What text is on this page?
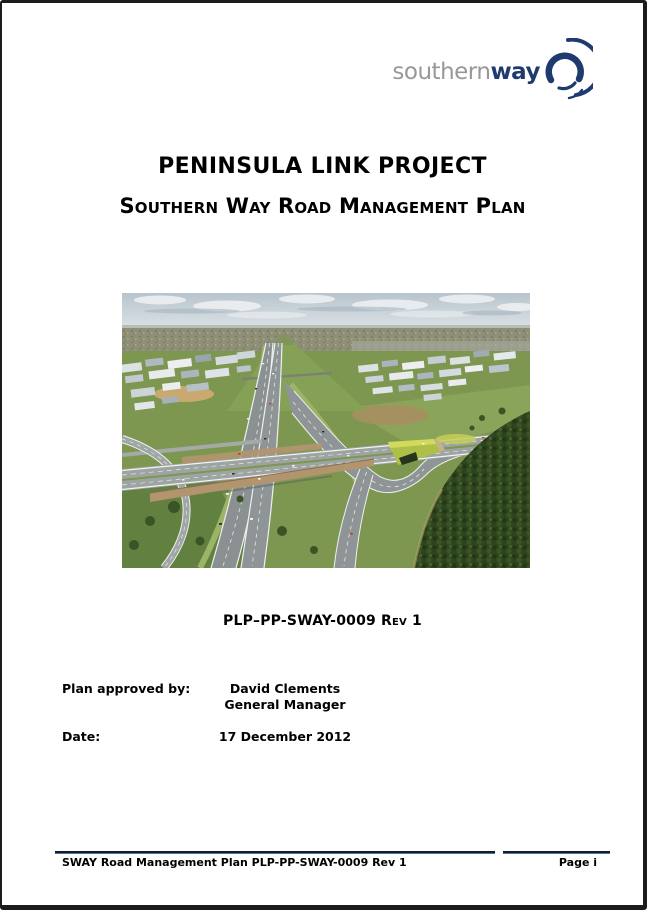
southern way
PENINSULA LINK PROJECT
Southern Way Road Management Plan
PLP–PP-SWAY-0009 Rev 1
Plan approved by:	David Clements
General Manager
Date:	17 December 2012
SWAY Road Management Plan PLP-PP-SWAY-0009 Rev 1	Page i
